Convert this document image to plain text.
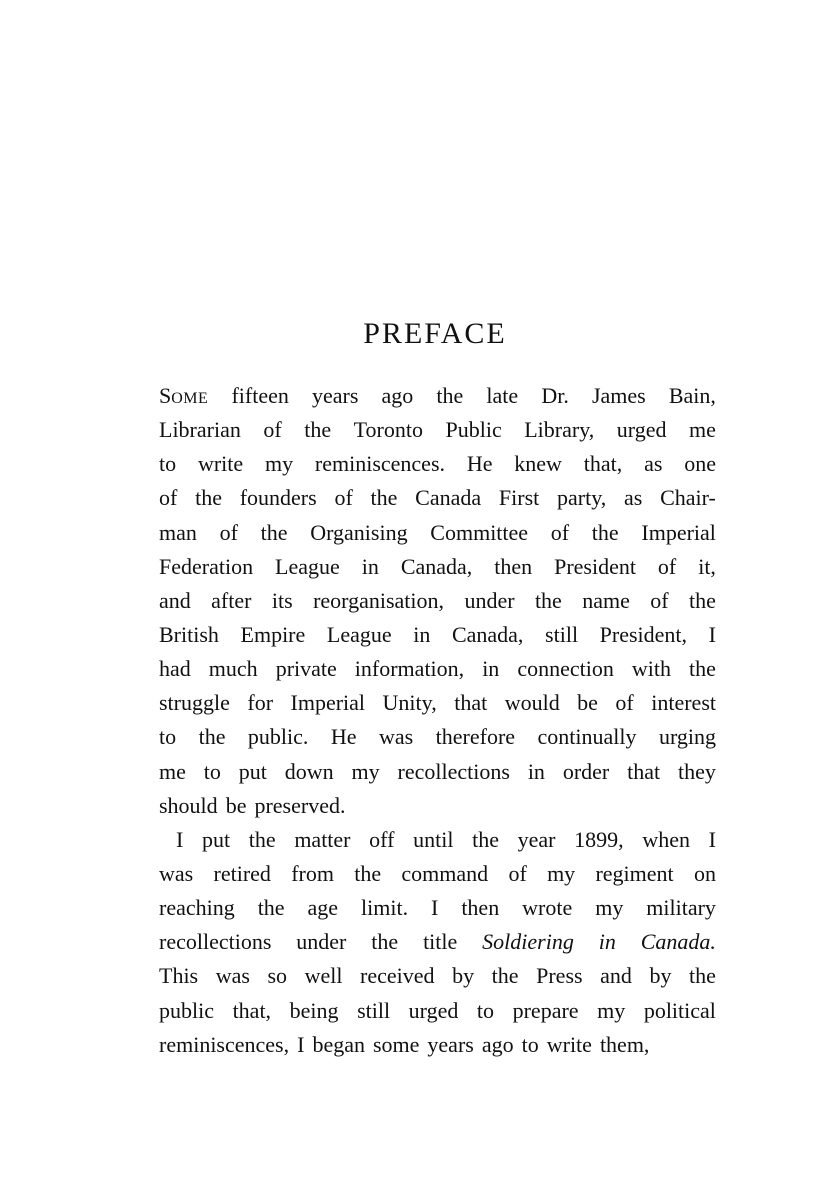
PREFACE
SOME fifteen years ago the late Dr. James Bain,
Librarian of the Toronto Public Library, urged me
to write my reminiscences. He knew that, as one
of the founders of the Canada First party, as Chair-
man of the Organising Committee of the Imperial
Federation League in Canada, then President of it,
and after its reorganisation, under the name of the
British Empire League in Canada, still President, I
had much private information, in connection with the
struggle for Imperial Unity, that would be of interest
to the public. He was therefore continually urging
me to put down my recollections in order that they
should be preserved.
I put the matter off until the year 1899, when I
was retired from the command of my regiment on
reaching the age limit. I then wrote my military
recollections under the title Soldiering in Canada.
This was so well received by the Press and by the
public that, being still urged to prepare my political
reminiscences, I began some years ago to write them,
